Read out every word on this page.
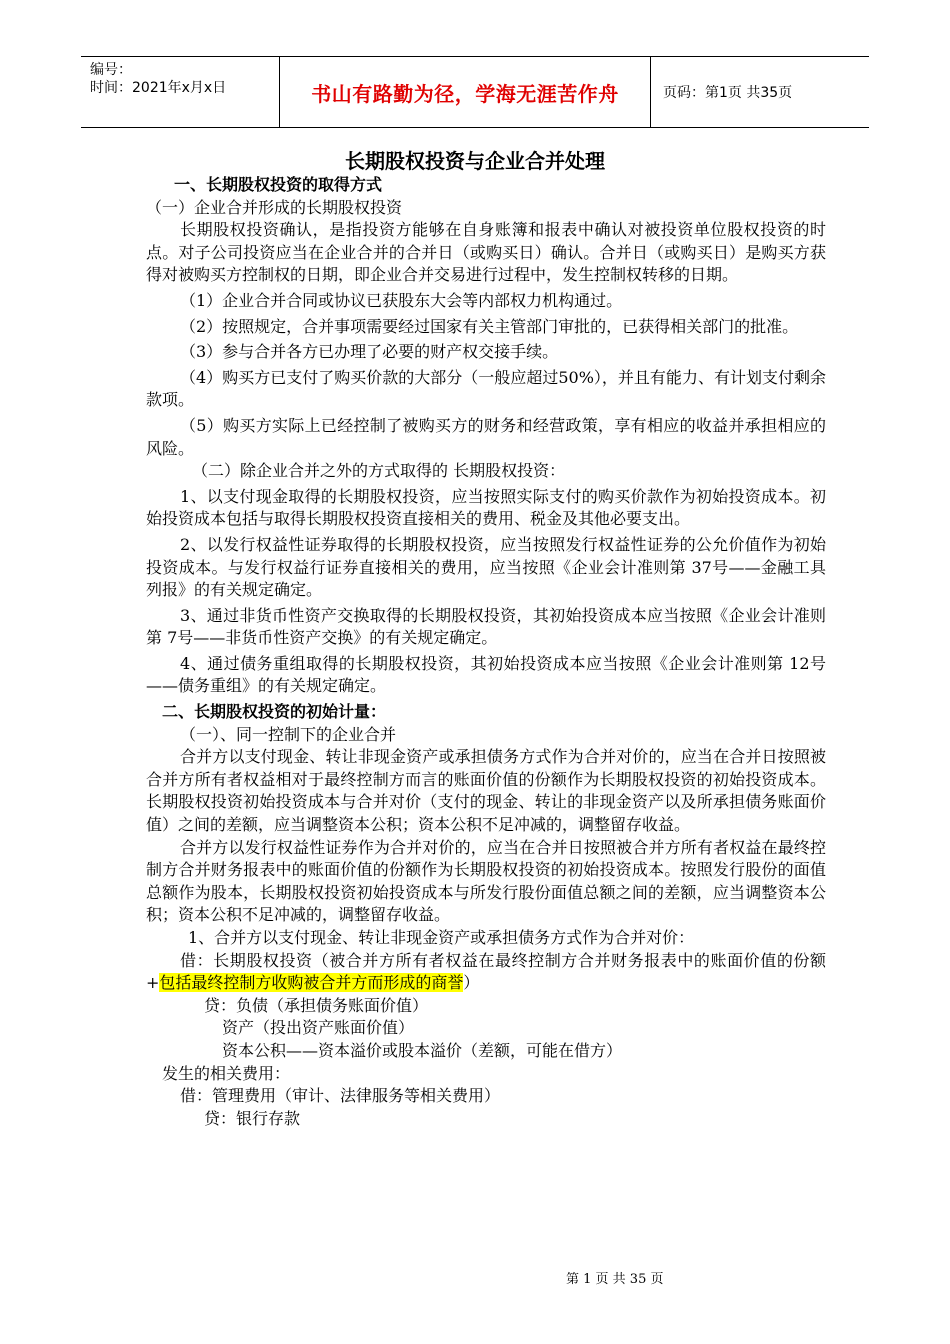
编号：
时间：2021年x月x日	书山有路勤为径，学海无涯苦作舟	页码：第1页 共35页
长期股权投资与企业合并处理

一、长期股权投资的取得方式

（一）企业合并形成的长期股权投资

长期股权投资确认，是指投资方能够在自身账簿和报表中确认对被投资单位股权投资的时点。对子公司投资应当在企业合并的合并日（或购买日）确认。合并日（或购买日）是购买方获得对被购买方控制权的日期，即企业合并交易进行过程中，发生控制权转移的日期。

（1）企业合并合同或协议已获股东大会等内部权力机构通过。

（2）按照规定，合并事项需要经过国家有关主管部门审批的，已获得相关部门的批准。

（3）参与合并各方已办理了必要的财产权交接手续。

（4）购买方已支付了购买价款的大部分（一般应超过50%），并且有能力、有计划支付剩余款项。

（5）购买方实际上已经控制了被购买方的财务和经营政策，享有相应的收益并承担相应的风险。

（二）除企业合并之外的方式取得的 长期股权投资：

1、以支付现金取得的长期股权投资，应当按照实际支付的购买价款作为初始投资成本。初始投资成本包括与取得长期股权投资直接相关的费用、税金及其他必要支出。

2、以发行权益性证券取得的长期股权投资，应当按照发行权益性证券的公允价值作为初始投资成本。与发行权益行证券直接相关的费用，应当按照《企业会计准则第 37号——金融工具列报》的有关规定确定。

3、通过非货币性资产交换取得的长期股权投资，其初始投资成本应当按照《企业会计准则第 7号——非货币性资产交换》的有关规定确定。

4、通过债务重组取得的长期股权投资，其初始投资成本应当按照《企业会计准则第 12号——债务重组》的有关规定确定。

二、长期股权投资的初始计量：

（一）、同一控制下的企业合并

合并方以支付现金、转让非现金资产或承担债务方式作为合并对价的，应当在合并日按照被合并方所有者权益相对于最终控制方而言的账面价值的份额作为长期股权投资的初始投资成本。长期股权投资初始投资成本与合并对价（支付的现金、转让的非现金资产以及所承担债务账面价值）之间的差额，应当调整资本公积；资本公积不足冲减的，调整留存收益。

合并方以发行权益性证券作为合并对价的，应当在合并日按照被合并方所有者权益在最终控制方合并财务报表中的账面价值的份额作为长期股权投资的初始投资成本。按照发行股份的面值总额作为股本，长期股权投资初始投资成本与所发行股份面值总额之间的差额，应当调整资本公积；资本公积不足冲减的，调整留存收益。

1、合并方以支付现金、转让非现金资产或承担债务方式作为合并对价：

借：长期股权投资（被合并方所有者权益在最终控制方合并财务报表中的账面价值的份额+包括最终控制方收购被合并方而形成的商誉）

贷：负债（承担债务账面价值）

资产（投出资产账面价值）

资本公积——资本溢价或股本溢价（差额，可能在借方）

发生的相关费用：

借：管理费用（审计、法律服务等相关费用）

贷：银行存款

第 1 页 共 35 页
